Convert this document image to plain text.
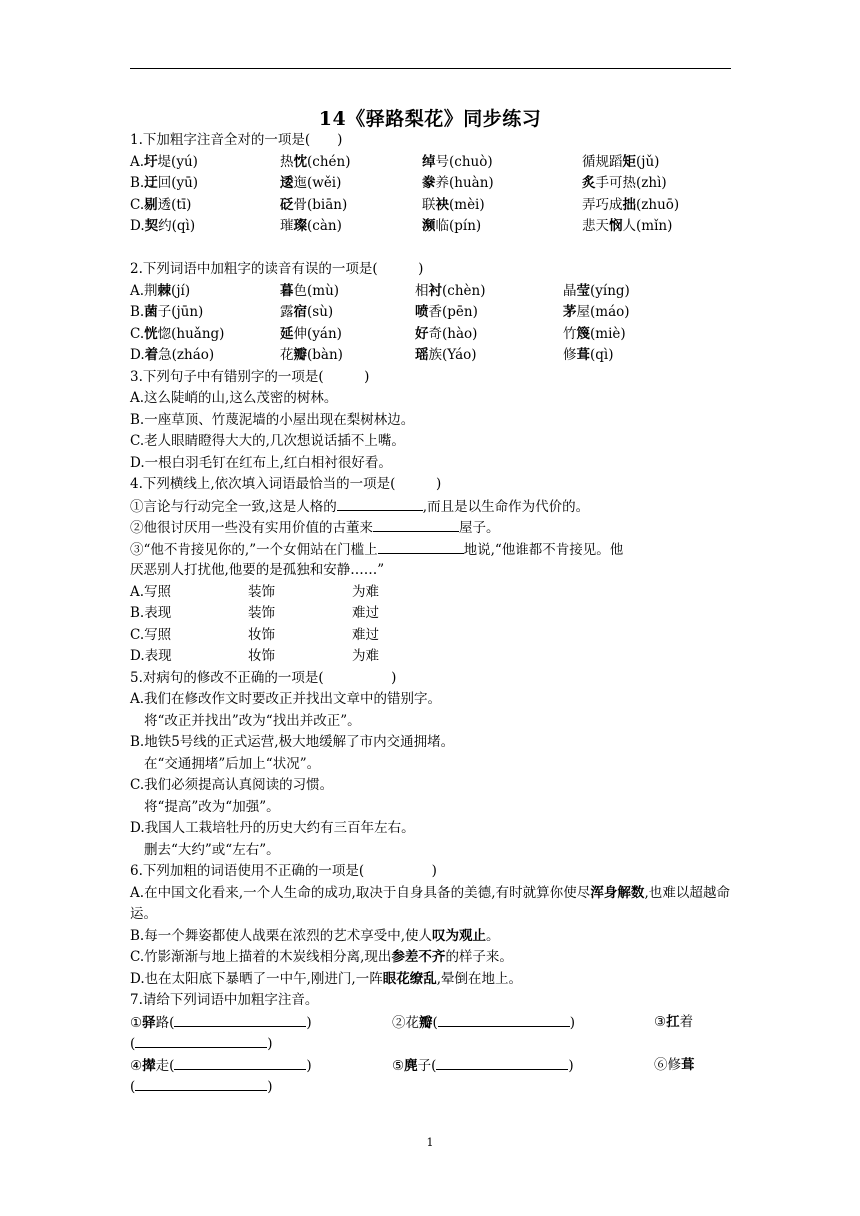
14《驿路梨花》同步练习
1.下加粗字注音全对的一项是(　　)
A.圩堤(yú)	热忱(chén)	绰号(chuò)	循规蹈矩(jǔ)
B.迂回(yū)	逶迤(wěi)	豢养(huàn)	炙手可热(zhì)
C.剔透(tī)	砭骨(biān)	联袂(mèi)	弄巧成拙(zhuō)
D.契约(qì)	璀璨(càn)	濒临(pín)	悲天悯人(mǐn)
2.下列词语中加粗字的读音有误的一项是(　　　)
A.荆棘(jí)	暮色(mù)	相衬(chèn)	晶莹(yíng)
B.菌子(jūn)	露宿(sù)	喷香(pēn)	茅屋(máo)
C.恍惚(huǎng)	延伸(yán)	好奇(hào)	竹篾(miè)
D.着急(zháo)	花瓣(bàn)	瑶族(Yáo)	修葺(qì)
3.下列句子中有错别字的一项是(　　　)
A.这么陡峭的山,这么茂密的树林。
B.一座草顶、竹蔑泥墙的小屋出现在梨树林边。
C.老人眼睛瞪得大大的,几次想说话插不上嘴。
D.一根白羽毛钉在红布上,红白相衬很好看。
4.下列横线上,依次填入词语最恰当的一项是(　　　)
①言论与行动完全一致,这是人格的	,而且是以生命作为代价的。
②他很讨厌用一些没有实用价值的古董来	屋子。
③“他不肯接见你的,”一个女佣站在门槛上	地说,“他谁都不肯接见。他
厌恶别人打扰他,他要的是孤独和安静……”
A.写照	装饰	为难
B.表现	装饰	难过
C.写照	妆饰	难过
D.表现	妆饰	为难
5.对病句的修改不正确的一项是(　　　　　)
A.我们在修改作文时要改正并找出文章中的错别字。
将“改正并找出”改为“找出并改正”。
B.地铁5号线的正式运营,极大地缓解了市内交通拥堵。
在“交通拥堵”后加上“状况”。
C.我们必须提高认真阅读的习惯。
将“提高”改为“加强”。
D.我国人工栽培牡丹的历史大约有三百年左右。
删去“大约”或“左右”。
6.下列加粗的词语使用不正确的一项是(　　　　　)
A.在中国文化看来,一个人生命的成功,取决于自身具备的美德,有时就算你使尽浑身解数,也难以超越命运。
B.每一个舞姿都使人战栗在浓烈的艺术享受中,使人叹为观止。
C.竹影渐渐与地上描着的木炭线相分离,现出参差不齐的样子来。
D.也在太阳底下暴晒了一中午,刚进门,一阵眼花缭乱,晕倒在地上。
7.请给下列词语中加粗字注音。
①驿路(	)	②花瓣(	)	③扛着
(	)
④撵走(	)	⑤麂子(	)	⑥修葺
(	)
1
